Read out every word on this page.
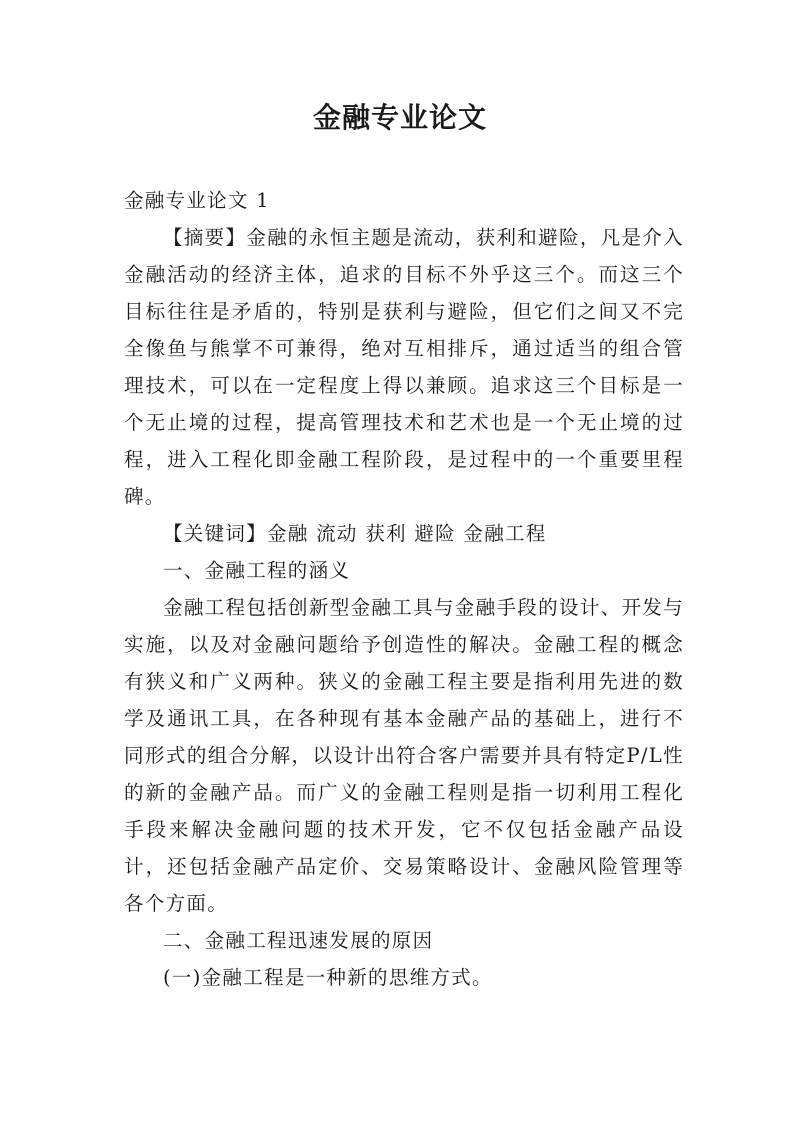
金融专业论文

金融专业论文 1

【摘要】金融的永恒主题是流动，获利和避险，凡是介入金融活动的经济主体，追求的目标不外乎这三个。而这三个目标往往是矛盾的，特别是获利与避险，但它们之间又不完全像鱼与熊掌不可兼得，绝对互相排斥，通过适当的组合管理技术，可以在一定程度上得以兼顾。追求这三个目标是一个无止境的过程，提高管理技术和艺术也是一个无止境的过程，进入工程化即金融工程阶段，是过程中的一个重要里程碑。

【关键词】金融 流动 获利 避险 金融工程

一、金融工程的涵义

金融工程包括创新型金融工具与金融手段的设计、开发与实施，以及对金融问题给予创造性的解决。金融工程的概念有狭义和广义两种。狭义的金融工程主要是指利用先进的数学及通讯工具，在各种现有基本金融产品的基础上，进行不同形式的组合分解，以设计出符合客户需要并具有特定P/L性的新的金融产品。而广义的金融工程则是指一切利用工程化手段来解决金融问题的技术开发，它不仅包括金融产品设计，还包括金融产品定价、交易策略设计、金融风险管理等各个方面。

二、金融工程迅速发展的原因

(一)金融工程是一种新的思维方式。
